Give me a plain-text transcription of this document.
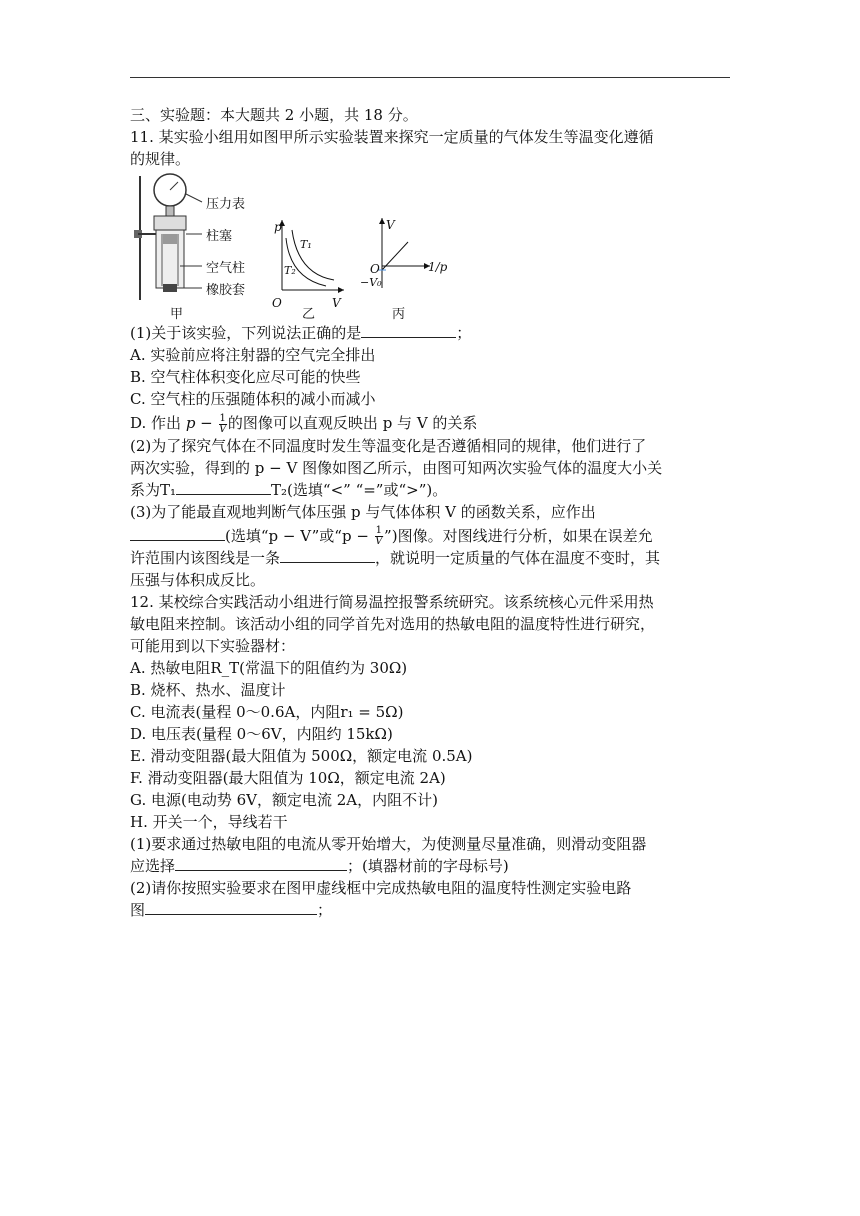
三、实验题：本大题共 2 小题，共 18 分。
11. 某实验小组用如图甲所示实验装置来探究一定质量的气体发生等温变化遵循
的规律。
压力表
柱塞
空气柱
橡胶套
甲
p
T₁
T₂
O	V
乙
V
O
−V₀
1/p
丙
(1)关于该实验，下列说法正确的是	；
A. 实验前应将注射器的空气完全排出
B. 空气柱体积变化应尽可能的快些
C. 空气柱的压强随体积的减小而减小
D. 作出 $p - \frac{1}{V}$ 的图像可以直观反映出 p 与 V 的关系
(2)为了探究气体在不同温度时发生等温变化是否遵循相同的规律，他们进行了
两次实验，得到的 p − V 图像如图乙所示，由图可知两次实验气体的温度大小关
系为T₁	T₂(选填“<” “=”或“>”)。
(3)为了能最直观地判断气体压强 p 与气体体积 V 的函数关系，应作出
(选填“p − V”或“$p - \frac{1}{V}$ ”)图像。对图线进行分析，如果在误差允
许范围内该图线是一条	，就说明一定质量的气体在温度不变时，其
压强与体积成反比。
12. 某校综合实践活动小组进行简易温控报警系统研究。该系统核心元件采用热
敏电阻来控制。该活动小组的同学首先对选用的热敏电阻的温度特性进行研究，
可能用到以下实验器材：
A. 热敏电阻R_T(常温下的阻值约为 30Ω)
B. 烧杯、热水、温度计
C. 电流表(量程 0～0.6A，内阻r₁ = 5Ω)
D. 电压表(量程 0～6V，内阻约 15kΩ)
E. 滑动变阻器(最大阻值为 500Ω，额定电流 0.5A)
F. 滑动变阻器(最大阻值为 10Ω，额定电流 2A)
G. 电源(电动势 6V，额定电流 2A，内阻不计)
H. 开关一个，导线若干
(1)要求通过热敏电阻的电流从零开始增大，为使测量尽量准确，则滑动变阻器
应选择	；(填器材前的字母标号)
(2)请你按照实验要求在图甲虚线框中完成热敏电阻的温度特性测定实验电路
图	；
